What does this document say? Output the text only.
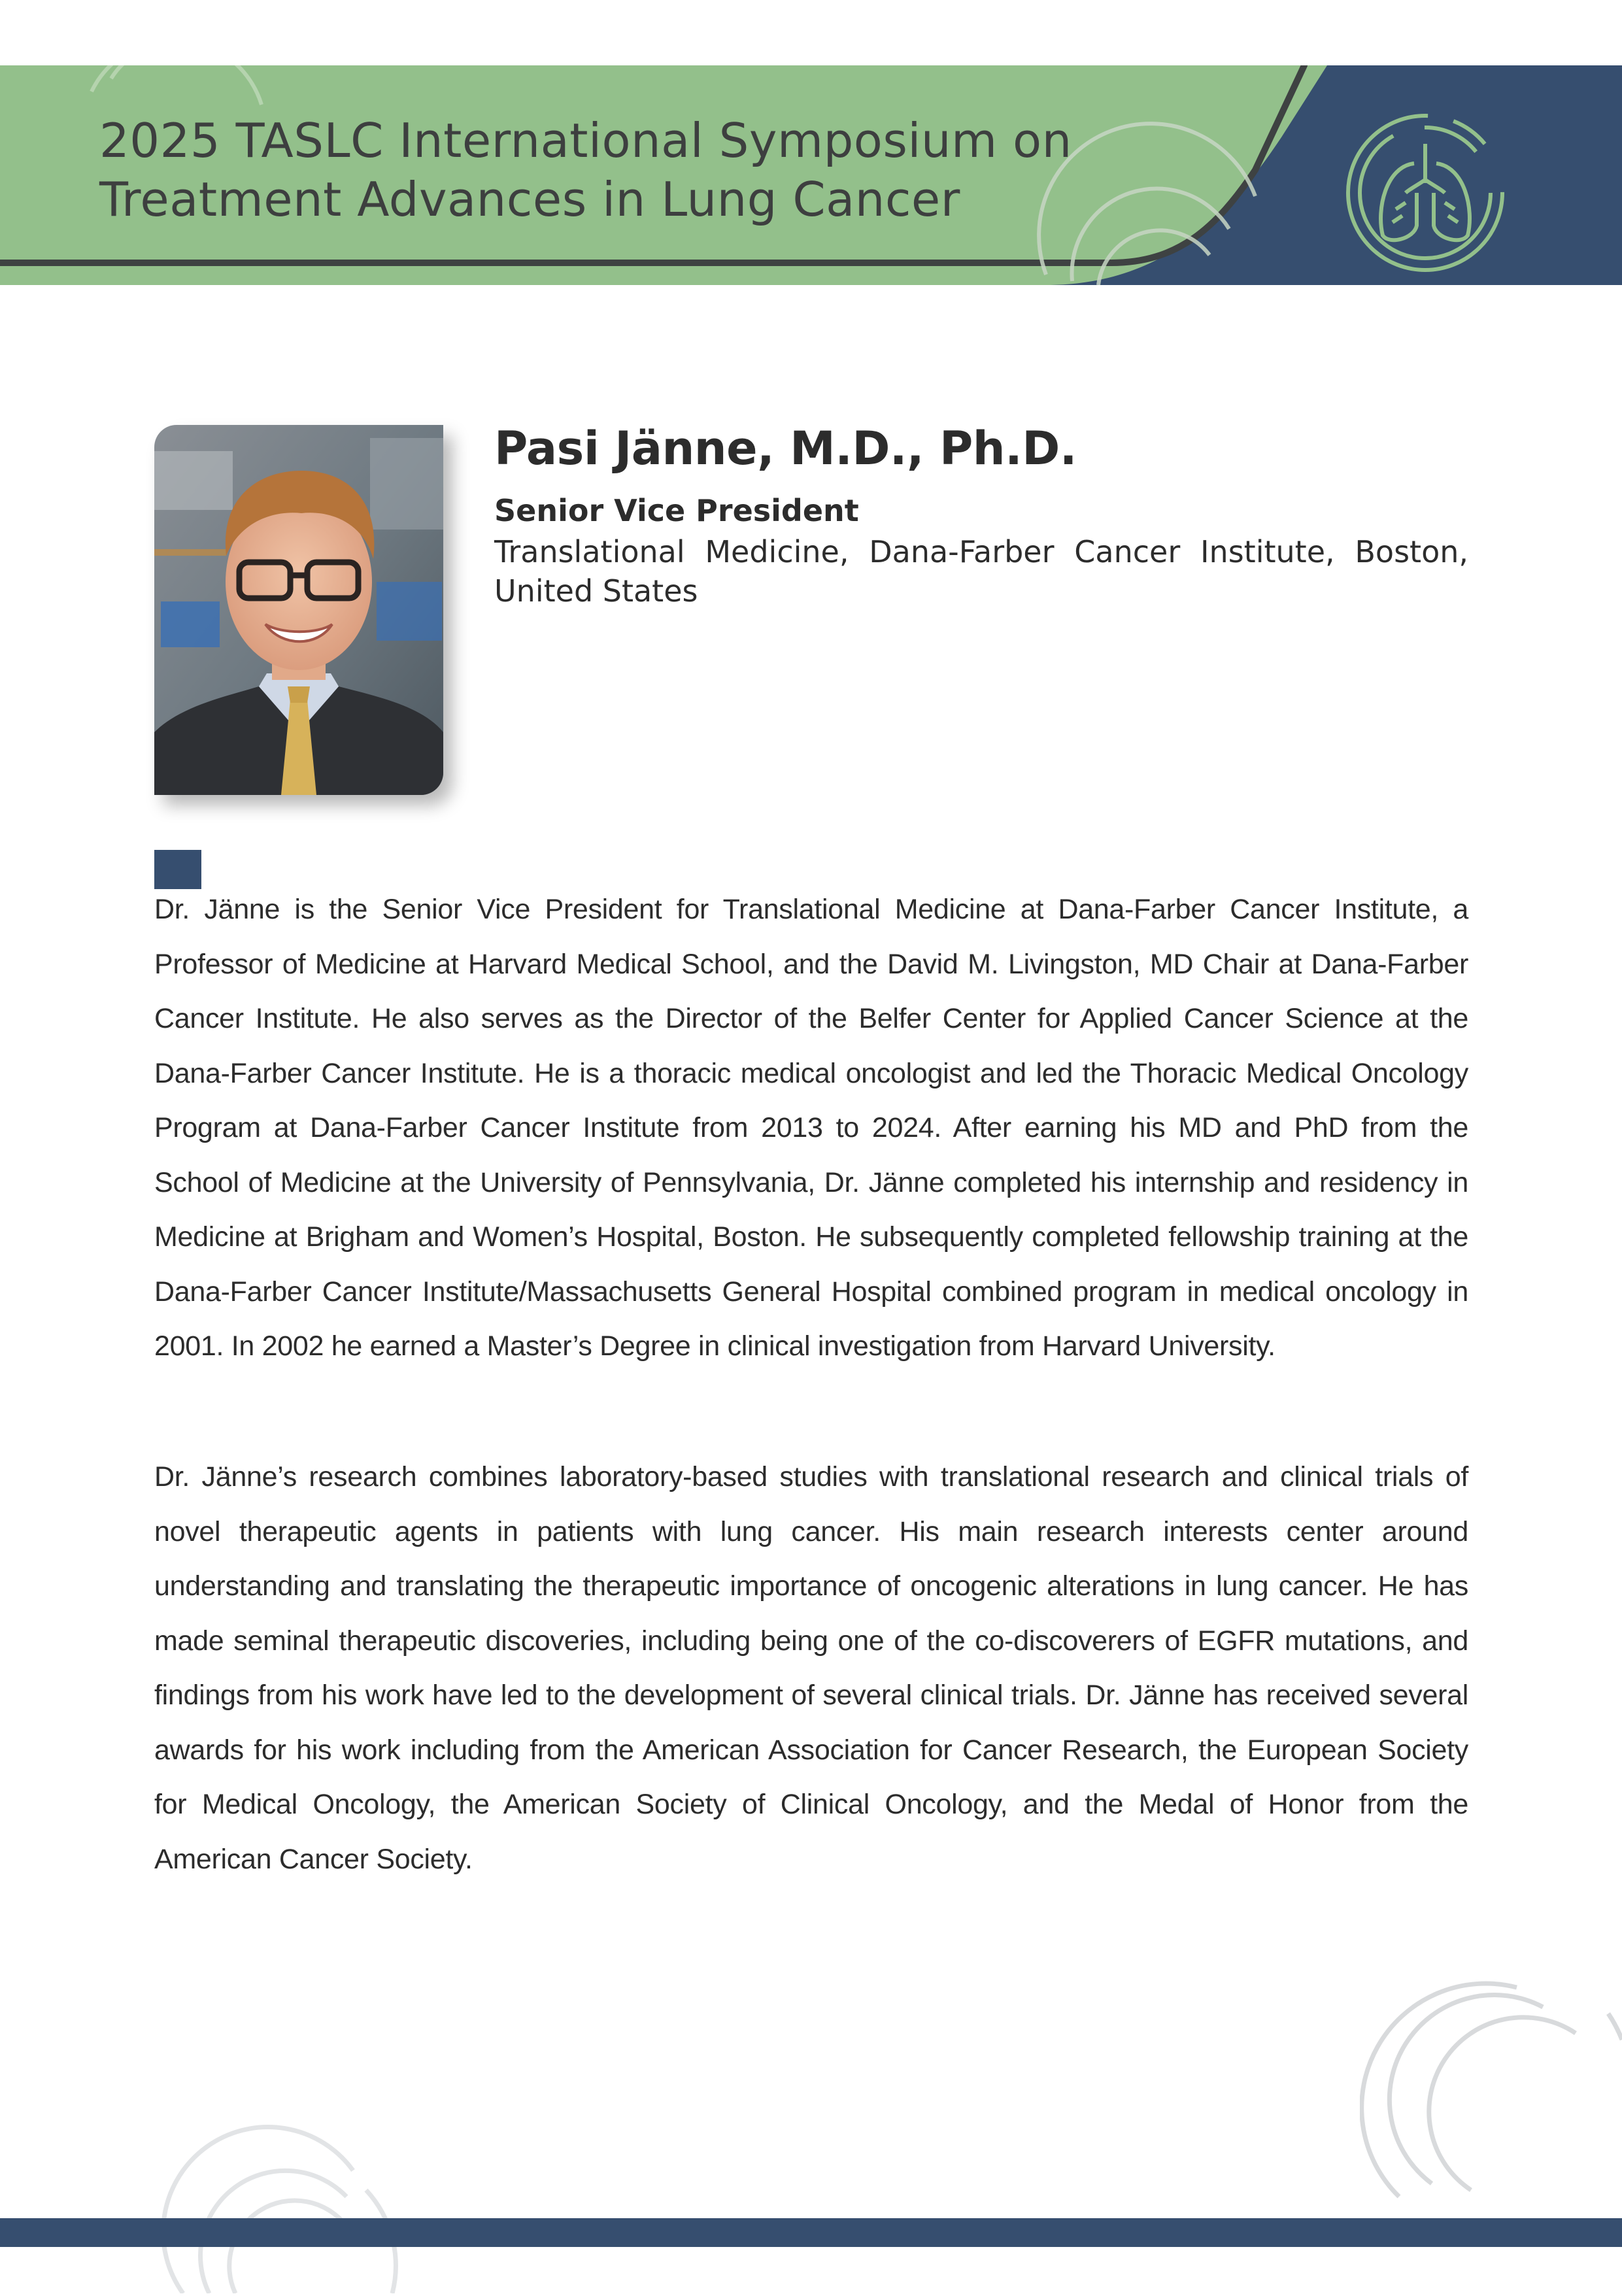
2025 TASLC International Symposium on
Treatment Advances in Lung Cancer
Pasi Jänne, M.D., Ph.D.
Senior Vice President
Translational Medicine, Dana-Farber Cancer Institute, Boston, United States

Dr. Jänne is the Senior Vice President for Translational Medicine at Dana-Farber Cancer Institute, a Professor of Medicine at Harvard Medical School, and the David M. Livingston, MD Chair at Dana-Farber Cancer Institute. He also serves as the Director of the Belfer Center for Applied Cancer Science at the Dana-Farber Cancer Institute. He is a thoracic medical oncologist and led the Thoracic Medical Oncology Program at Dana-Farber Cancer Institute from 2013 to 2024. After earning his MD and PhD from the School of Medicine at the University of Pennsylvania, Dr. Jänne completed his internship and residency in Medicine at Brigham and Women’s Hospital, Boston. He subsequently completed fellowship training at the Dana-Farber Cancer Institute/Massachusetts General Hospital combined program in medical oncology in 2001. In 2002 he earned a Master’s Degree in clinical investigation from Harvard University.

Dr. Jänne’s research combines laboratory-based studies with translational research and clinical trials of novel therapeutic agents in patients with lung cancer. His main research interests center around understanding and translating the therapeutic importance of oncogenic alterations in lung cancer. He has made seminal therapeutic discoveries, including being one of the co-discoverers of EGFR mutations, and findings from his work have led to the development of several clinical trials. Dr. Jänne has received several awards for his work including from the American Association for Cancer Research, the European Society for Medical Oncology, the American Society of Clinical Oncology, and the Medal of Honor from the American Cancer Society.
